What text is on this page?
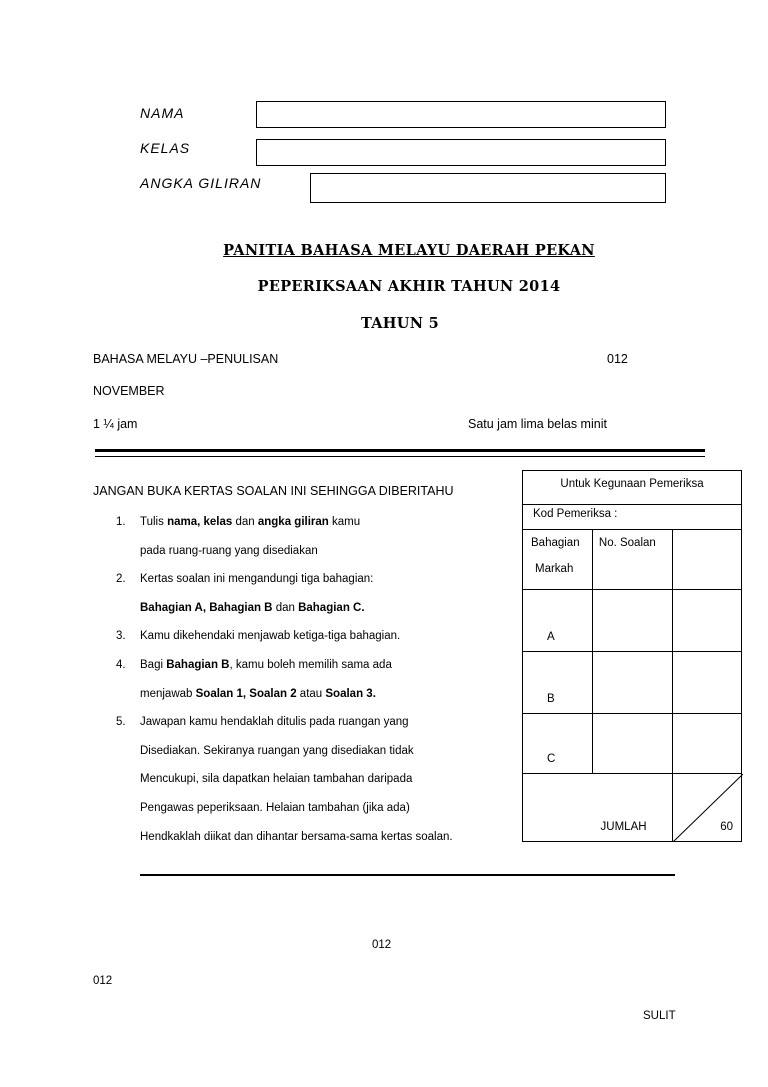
NAMA
KELAS
ANGKA GILIRAN
PANITIA BAHASA MELAYU DAERAH PEKAN
PEPERIKSAAN AKHIR TAHUN 2014
TAHUN 5
BAHASA MELAYU –PENULISAN	012
NOVEMBER
1 ¼ jam	Satu jam lima belas minit
JANGAN BUKA KERTAS SOALAN INI SEHINGGA DIBERITAHU
1. Tulis nama, kelas dan angka giliran kamu
pada ruang-ruang yang disediakan
2. Kertas soalan ini mengandungi tiga bahagian:
Bahagian A, Bahagian B dan Bahagian C.
3. Kamu dikehendaki menjawab ketiga-tiga bahagian.
4. Bagi Bahagian B, kamu boleh memilih sama ada
menjawab Soalan 1, Soalan 2 atau Soalan 3.
5. Jawapan kamu hendaklah ditulis pada ruangan yang
Disediakan. Sekiranya ruangan yang disediakan tidak
Mencukupi, sila dapatkan helaian tambahan daripada
Pengawas peperiksaan. Helaian tambahan (jika ada)
Hendkaklah diikat dan dihantar bersama-sama kertas soalan.
Untuk Kegunaan Pemeriksa		
Kod Pemeriksa :		

Bahagian
Markah	No. Soalan	

A		
B		
C		
JUMLAH		60
012
012
SULIT
